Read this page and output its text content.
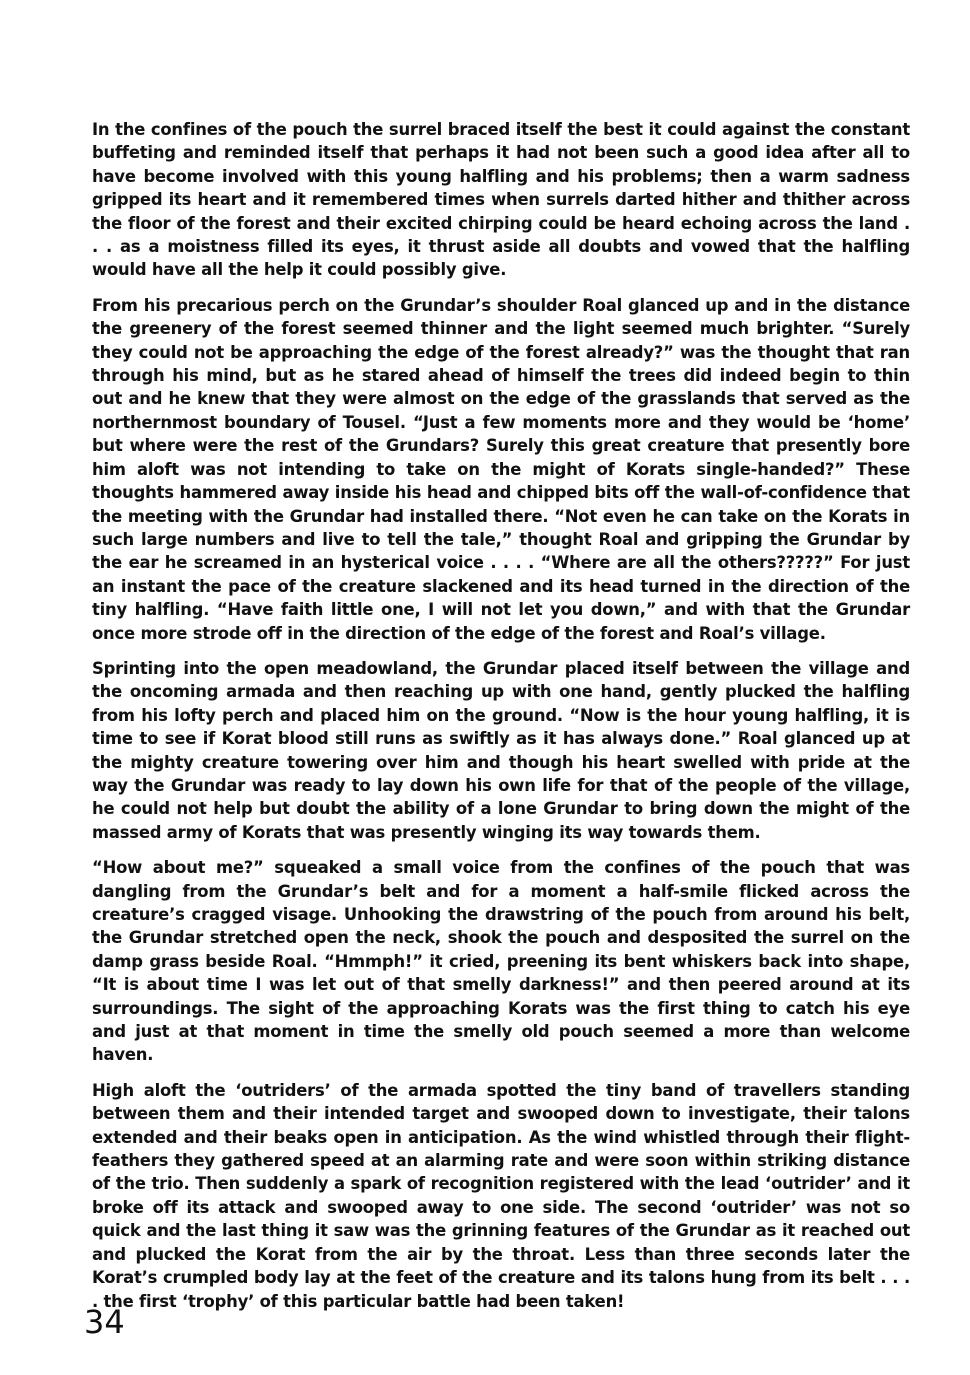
In the confines of the pouch the surrel braced itself the best it could against the constant buffeting and reminded itself that perhaps it had not been such a good idea after all to have become involved with this young halfling and his problems; then a warm sadness gripped its heart and it remembered times when surrels darted hither and thither across the floor of the forest and their excited chirping could be heard echoing across the land . . . as a moistness filled its eyes, it thrust aside all doubts and vowed that the halfling would have all the help it could possibly give.

From his precarious perch on the Grundar’s shoulder Roal glanced up and in the distance the greenery of the forest seemed thinner and the light seemed much brighter. “Surely they could not be approaching the edge of the forest already?” was the thought that ran through his mind, but as he stared ahead of himself the trees did indeed begin to thin out and he knew that they were almost on the edge of the grasslands that served as the northernmost boundary of Tousel. “Just a few moments more and they would be ‘home’ but where were the rest of the Grundars? Surely this great creature that presently bore him aloft was not intending to take on the might of Korats single-handed?” These thoughts hammered away inside his head and chipped bits off the wall-of-confidence that the meeting with the Grundar had installed there. “Not even he can take on the Korats in such large numbers and live to tell the tale,” thought Roal and gripping the Grundar by the ear he screamed in an hysterical voice . . . . “Where are all the others?????” For just an instant the pace of the creature slackened and its head turned in the direction of the tiny halfling. “Have faith little one, I will not let you down,” and with that the Grundar once more strode off in the direction of the edge of the forest and Roal’s village.

Sprinting into the open meadowland, the Grundar placed itself between the village and the oncoming armada and then reaching up with one hand, gently plucked the halfling from his lofty perch and placed him on the ground. “Now is the hour young halfling, it is time to see if Korat blood still runs as swiftly as it has always done.” Roal glanced up at the mighty creature towering over him and though his heart swelled with pride at the way the Grundar was ready to lay down his own life for that of the people of the village, he could not help but doubt the ability of a lone Grundar to bring down the might of the massed army of Korats that was presently winging its way towards them.

“How about me?” squeaked a small voice from the confines of the pouch that was dangling from the Grundar’s belt and for a moment a half-smile flicked across the creature’s cragged visage. Unhooking the drawstring of the pouch from around his belt, the Grundar stretched open the neck, shook the pouch and desposited the surrel on the damp grass beside Roal. “Hmmph!” it cried, preening its bent whiskers back into shape, “It is about time I was let out of that smelly darkness!” and then peered around at its surroundings. The sight of the approaching Korats was the first thing to catch his eye and just at that moment in time the smelly old pouch seemed a more than welcome haven.

High aloft the ‘outriders’ of the armada spotted the tiny band of travellers standing between them and their intended target and swooped down to investigate, their talons extended and their beaks open in anticipation. As the wind whistled through their flight-feathers they gathered speed at an alarming rate and were soon within striking distance of the trio. Then suddenly a spark of recognition registered with the lead ‘outrider’ and it broke off its attack and swooped away to one side. The second ‘outrider’ was not so quick and the last thing it saw was the grinning features of the Grundar as it reached out and plucked the Korat from the air by the throat. Less than three seconds later the Korat’s crumpled body lay at the feet of the creature and its talons hung from its belt . . . . the first ‘trophy’ of this particular battle had been taken!

34
